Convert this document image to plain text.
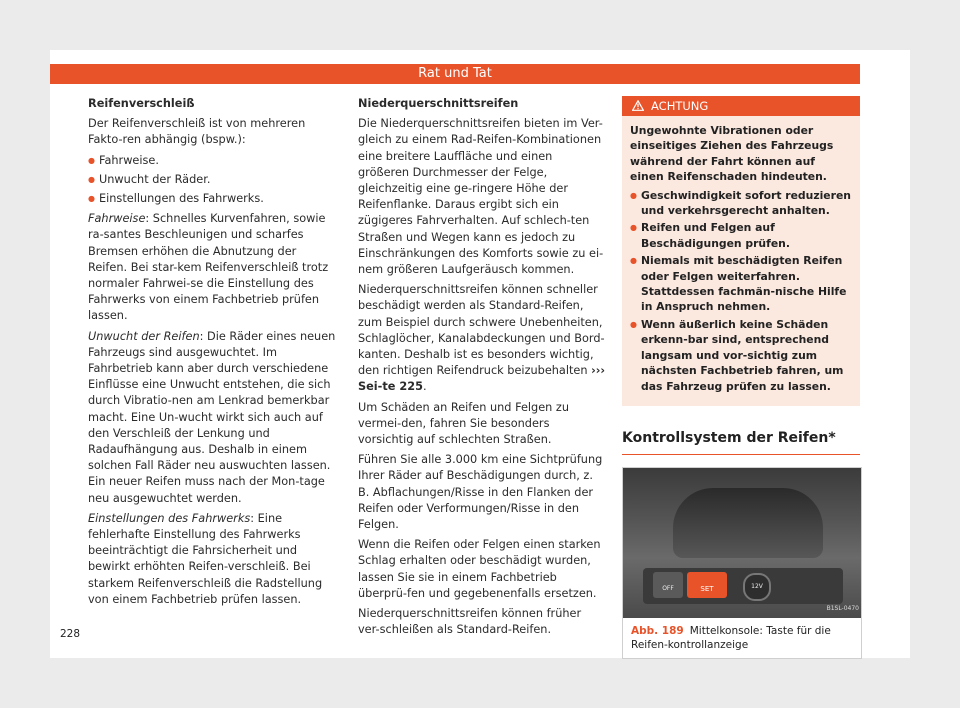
Rat und Tat

Reifenverschleiß

Der Reifenverschleiß ist von mehreren Fakto-ren abhängig (bspw.):

● Fahrweise.
● Unwucht der Räder.
● Einstellungen des Fahrwerks.

Fahrweise: Schnelles Kurvenfahren, sowie ra-santes Beschleunigen und scharfes Bremsen erhöhen die Abnutzung der Reifen. Bei star-kem Reifenverschleiß trotz normaler Fahrwei-se die Einstellung des Fahrwerks von einem Fachbetrieb prüfen lassen.

Unwucht der Reifen: Die Räder eines neuen Fahrzeugs sind ausgewuchtet. Im Fahrbetrieb kann aber durch verschiedene Einflüsse eine Unwucht entstehen, die sich durch Vibratio-nen am Lenkrad bemerkbar macht. Eine Un-wucht wirkt sich auch auf den Verschleiß der Lenkung und Radaufhängung aus. Deshalb in einem solchen Fall Räder neu auswuchten lassen. Ein neuer Reifen muss nach der Mon-tage neu ausgewuchtet werden.

Einstellungen des Fahrwerks: Eine fehlerhafte Einstellung des Fahrwerks beeinträchtigt die Fahrsicherheit und bewirkt erhöhten Reifen-verschleiß. Bei starkem Reifenverschleiß die Radstellung von einem Fachbetrieb prüfen lassen.

Niederquerschnittsreifen

Die Niederquerschnittsreifen bieten im Ver-gleich zu einem Rad-Reifen-Kombinationen eine breitere Lauffläche und einen größeren Durchmesser der Felge, gleichzeitig eine ge-ringere Höhe der Reifenflanke. Daraus ergibt sich ein zügigeres Fahrverhalten. Auf schlech-ten Straßen und Wegen kann es jedoch zu Einschränkungen des Komforts sowie zu ei-nem größeren Laufgeräusch kommen.

Niederquerschnittsreifen können schneller beschädigt werden als Standard-Reifen, zum Beispiel durch schwere Unebenheiten, Schlaglöcher, Kanalabdeckungen und Bord-kanten. Deshalb ist es besonders wichtig, den richtigen Reifendruck beizubehalten ››› Sei-te 225.

Um Schäden an Reifen und Felgen zu vermei-den, fahren Sie besonders vorsichtig auf schlechten Straßen.

Führen Sie alle 3.000 km eine Sichtprüfung Ihrer Räder auf Beschädigungen durch, z. B. Abflachungen/Risse in den Flanken der Reifen oder Verformungen/Risse in den Felgen.

Wenn die Reifen oder Felgen einen starken Schlag erhalten oder beschädigt wurden, lassen Sie sie in einem Fachbetrieb überprü-fen und gegebenenfalls ersetzen.

Niederquerschnittsreifen können früher ver-schleißen als Standard-Reifen.

ACHTUNG

Ungewohnte Vibrationen oder einseitiges Ziehen des Fahrzeugs während der Fahrt können auf einen Reifenschaden hindeuten.

● Geschwindigkeit sofort reduzieren und verkehrsgerecht anhalten.
● Reifen und Felgen auf Beschädigungen prüfen.
● Niemals mit beschädigten Reifen oder Felgen weiterfahren. Stattdessen fachmän-nische Hilfe in Anspruch nehmen.
● Wenn äußerlich keine Schäden erkenn-bar sind, entsprechend langsam und vor-sichtig zum nächsten Fachbetrieb fahren, um das Fahrzeug prüfen zu lassen.
Kontrollsystem der Reifen*
OFF	SET	12V
B1SL-0470
Abb. 189 Mittelkonsole: Taste für die Reifen-kontrollanzeige
228
